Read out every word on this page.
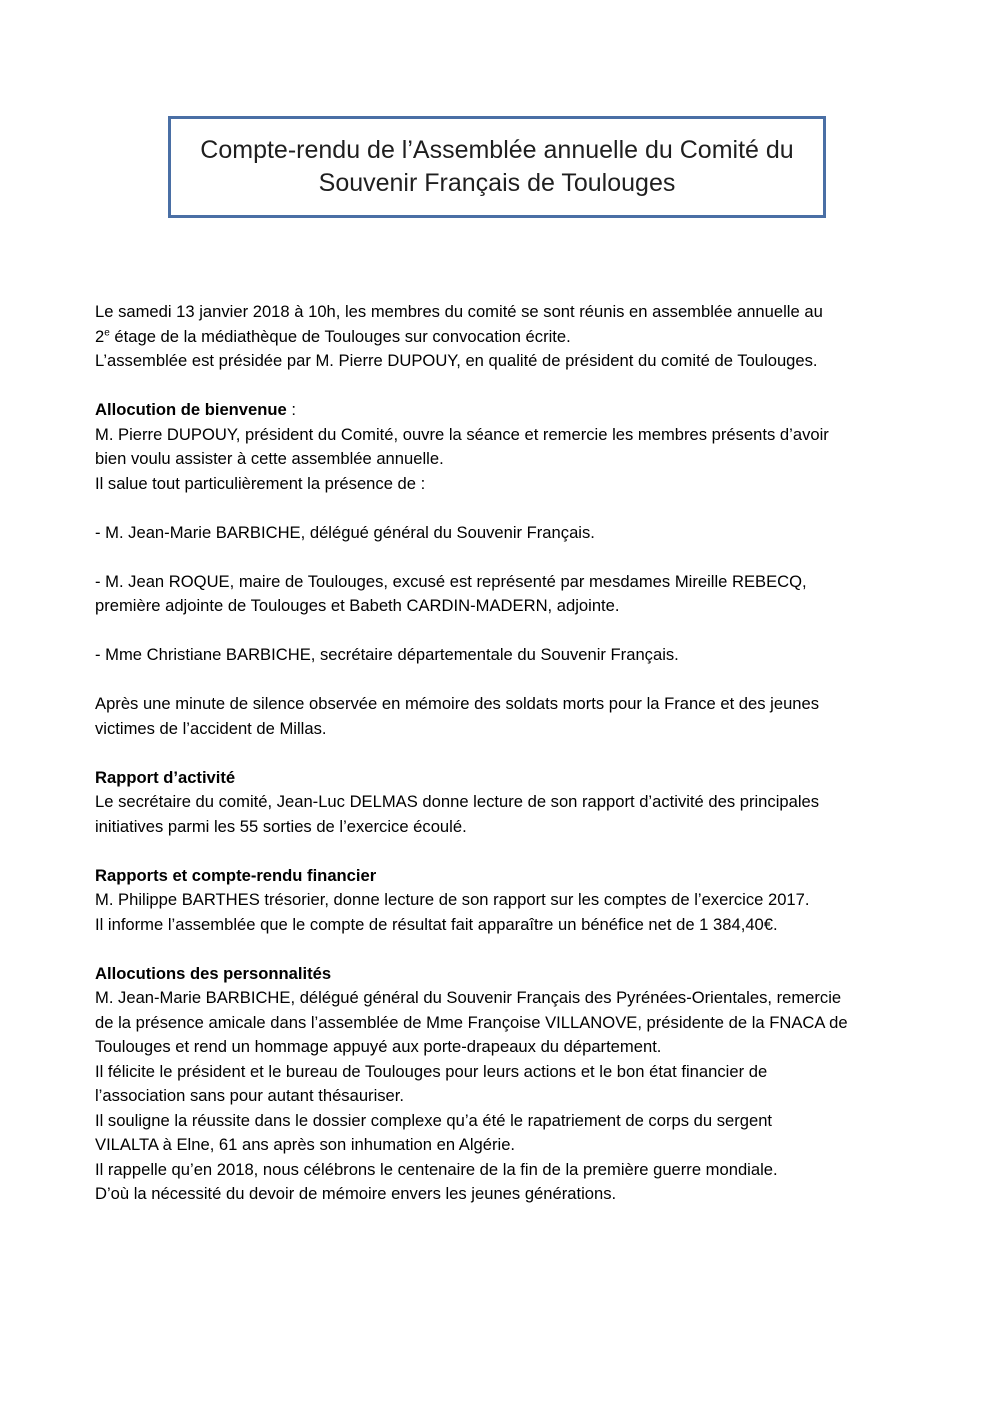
Compte-rendu de l’Assemblée annuelle du Comité du
Souvenir Français de Toulouges
Le samedi 13 janvier 2018 à 10h, les membres du comité se sont réunis en assemblée annuelle au
2e étage de la médiathèque de Toulouges sur convocation écrite.
L’assemblée est présidée par M. Pierre DUPOUY, en qualité de président du comité de Toulouges.
Allocution de bienvenue :
M. Pierre DUPOUY, président du Comité, ouvre la séance et remercie les membres présents d’avoir
bien voulu assister à cette assemblée annuelle.
Il salue tout particulièrement la présence de :
- M. Jean-Marie BARBICHE, délégué général du Souvenir Français.
- M. Jean ROQUE, maire de Toulouges, excusé est représenté par mesdames Mireille REBECQ,
première adjointe de Toulouges et Babeth CARDIN-MADERN, adjointe.
- Mme Christiane BARBICHE, secrétaire départementale du Souvenir Français.
Après une minute de silence observée en mémoire des soldats morts pour la France et des jeunes
victimes de l’accident de Millas.
Rapport d’activité
Le secrétaire du comité, Jean-Luc DELMAS donne lecture de son rapport d’activité des principales
initiatives parmi les 55 sorties de l’exercice écoulé.
Rapports et compte-rendu financier
M. Philippe BARTHES trésorier, donne lecture de son rapport sur les comptes de l’exercice 2017.
Il informe l’assemblée que le compte de résultat fait apparaître un bénéfice net de 1 384,40€.
Allocutions des personnalités
M. Jean-Marie BARBICHE, délégué général du Souvenir Français des Pyrénées-Orientales, remercie
de la présence amicale dans l’assemblée de Mme Françoise VILLANOVE, présidente de la FNACA de
Toulouges et rend un hommage appuyé aux porte-drapeaux du département.
Il félicite le président et le bureau de Toulouges pour leurs actions et le bon état financier de
l’association sans pour autant thésauriser.
Il souligne la réussite dans le dossier complexe qu’a été le rapatriement de corps du sergent
VILALTA à Elne, 61 ans après son inhumation en Algérie.
Il rappelle qu’en 2018, nous célébrons le centenaire de la fin de la première guerre mondiale.
D’où la nécessité du devoir de mémoire envers les jeunes générations.
